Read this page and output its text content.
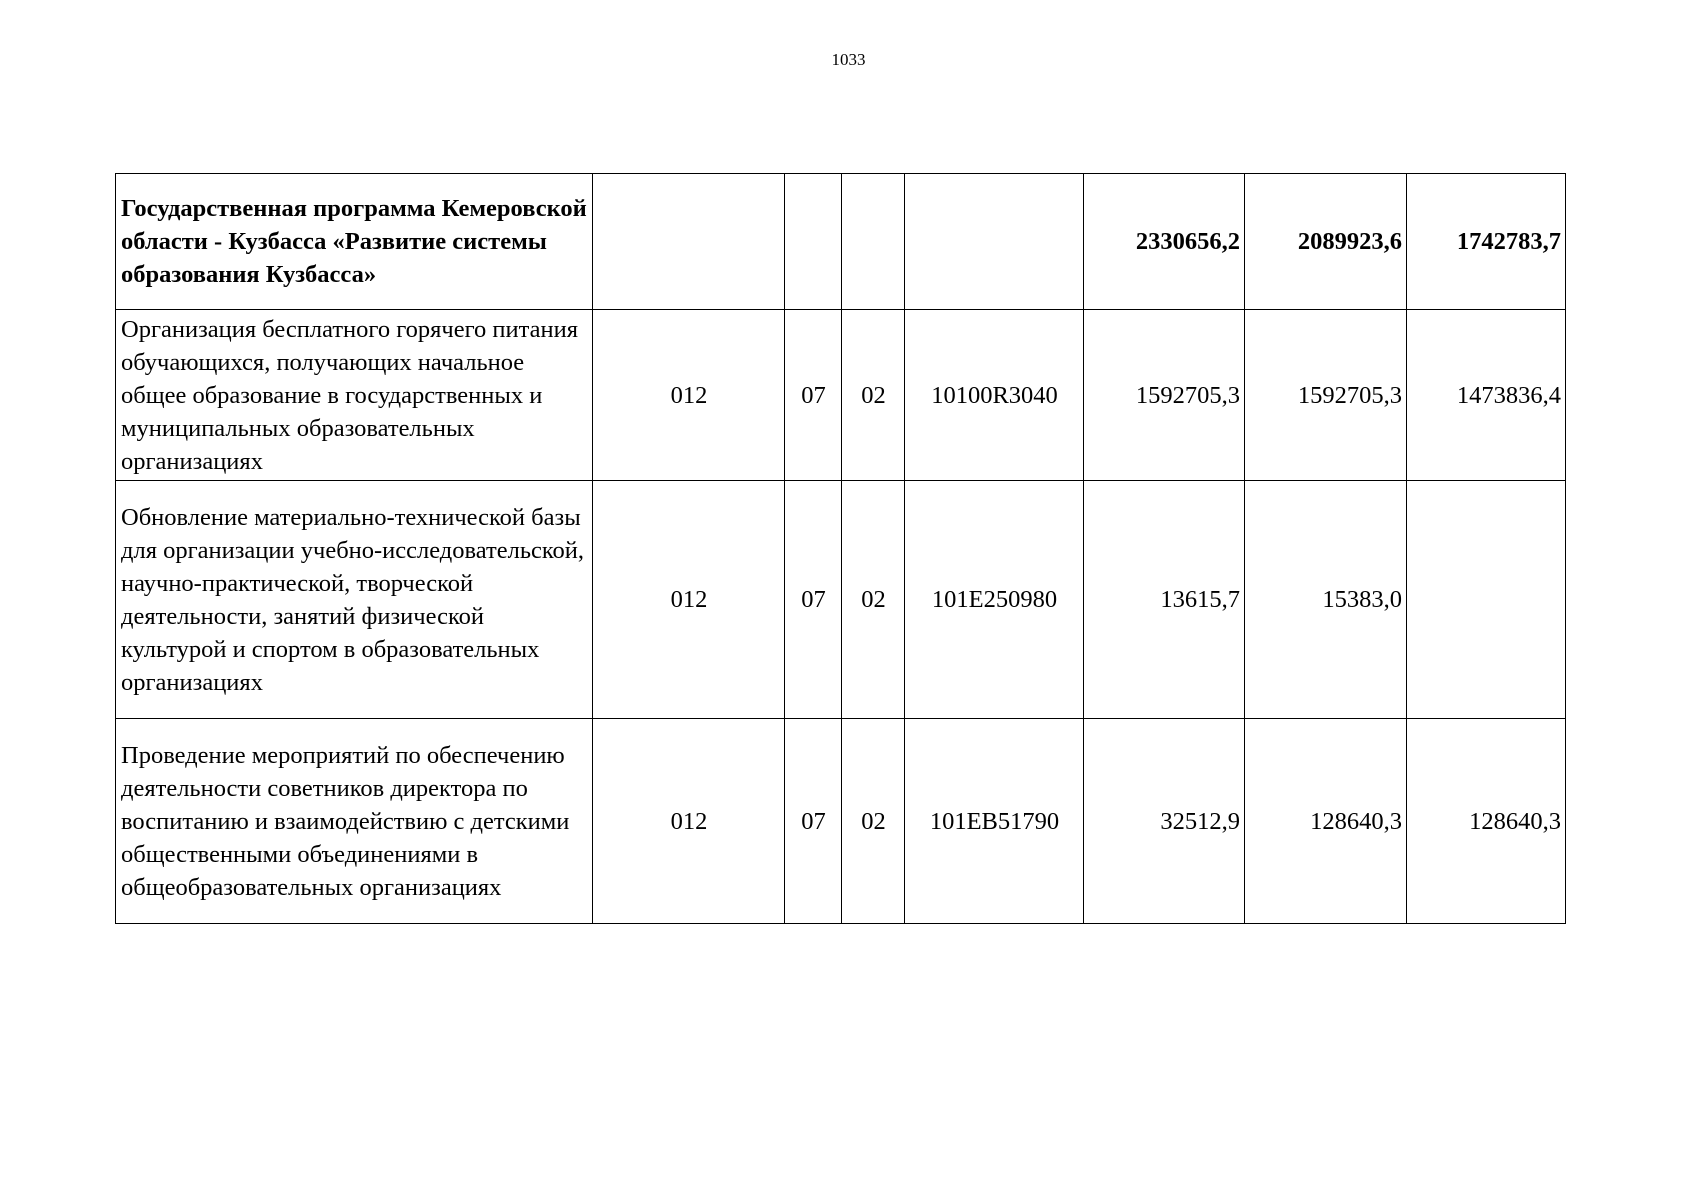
1033
Государственная программа Кемеровской области - Кузбасса «Развитие системы образования Кузбасса»					2330656,2	2089923,6	1742783,7
Организация бесплатного горячего питания обучающихся, получающих начальное общее образование в государственных и муниципальных образовательных организациях	012	07	02	10100R3040	1592705,3	1592705,3	1473836,4
Обновление материально-технической базы для организации учебно-исследовательской, научно-практической, творческой деятельности, занятий физической культурой и спортом в образовательных организациях	012	07	02	101E250980	13615,7	15383,0	
Проведение мероприятий по обеспечению деятельности советников директора по воспитанию и взаимодействию с детскими общественными объединениями в общеобразовательных организациях	012	07	02	101EB51790	32512,9	128640,3	128640,3
